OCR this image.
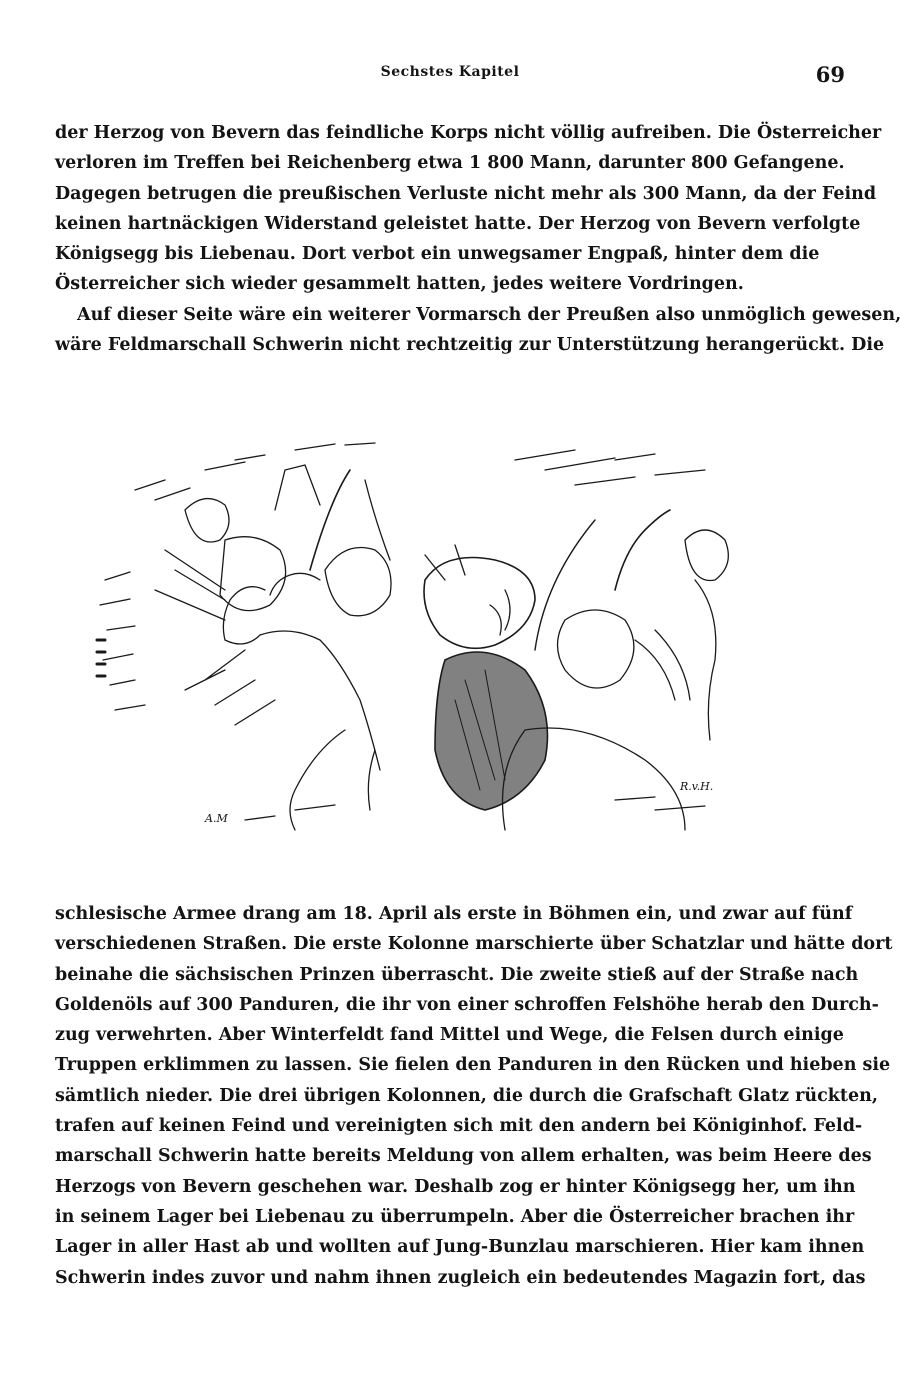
Sechstes Kapitel	69
der Herzog von Bevern das feindliche Korps nicht völlig aufreiben. Die Österreicher
verloren im Treffen bei Reichenberg etwa 1 800 Mann, darunter 800 Gefangene.
Dagegen betrugen die preußischen Verluste nicht mehr als 300 Mann, da der Feind
keinen hartnäckigen Widerstand geleistet hatte. Der Herzog von Bevern verfolgte
Königsegg bis Liebenau. Dort verbot ein unwegsamer Engpaß, hinter dem die
Österreicher sich wieder gesammelt hatten, jedes weitere Vordringen.
Auf dieser Seite wäre ein weiterer Vormarsch der Preußen also unmöglich gewesen,
wäre Feldmarschall Schwerin nicht rechtzeitig zur Unterstützung herangerückt. Die
A.M
R.v.H.
schlesische Armee drang am 18. April als erste in Böhmen ein, und zwar auf fünf
verschiedenen Straßen. Die erste Kolonne marschierte über Schatzlar und hätte dort
beinahe die sächsischen Prinzen überrascht. Die zweite stieß auf der Straße nach
Goldenöls auf 300 Panduren, die ihr von einer schroffen Felshöhe herab den Durch-
zug verwehrten. Aber Winterfeldt fand Mittel und Wege, die Felsen durch einige
Truppen erklimmen zu lassen. Sie fielen den Panduren in den Rücken und hieben sie
sämtlich nieder. Die drei übrigen Kolonnen, die durch die Grafschaft Glatz rückten,
trafen auf keinen Feind und vereinigten sich mit den andern bei Königinhof. Feld-
marschall Schwerin hatte bereits Meldung von allem erhalten, was beim Heere des
Herzogs von Bevern geschehen war. Deshalb zog er hinter Königsegg her, um ihn
in seinem Lager bei Liebenau zu überrumpeln. Aber die Österreicher brachen ihr
Lager in aller Hast ab und wollten auf Jung-Bunzlau marschieren. Hier kam ihnen
Schwerin indes zuvor und nahm ihnen zugleich ein bedeutendes Magazin fort, das
